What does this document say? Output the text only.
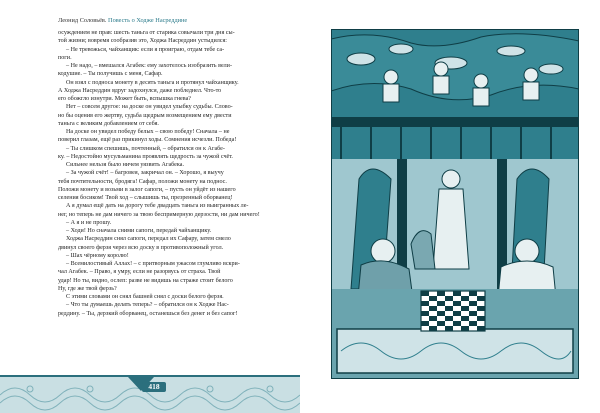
Леонид Соловьёв. Повесть о Ходже Насреддине
осуждением не прав: шесть таньга от старика совычали три дня сы-
той жизни; вовремя сообразив это, Ходжа Насреддин устыдился:
– Не тревожься, чайханщик: если я проиграю, отдам тебе са-
поги.
– Не надо, – вмешался Агабек: ему захотелось изобразить вели-
кодушие. – Ты получишь с меня, Сафар.
Он взял с подноса монету в десять таньга и протянул чайханщику.
А Ходжа Насреддин вдруг задохнулся, даже побледнел. Что-то
его обожгло изнутри. Может быть, вспышка гнева?
Нет – совсем другое: на доске он увидел улыбку судьбы. Слово-
но бы оценив его жертву, судьба щедрым возмещением ему двести
таньга с великим добавлением от себя.
На доске он увидел победу белых – свою победу! Сначала – не
поверил глазам, ещё раз прикинул ходы. Сомнения исчезли. Победа!
– Ты слишком спешишь, почтенный, – обратился он к Агабе-
ку. – Недостойно мусульманина проявлять щедрость за чужой счёт.
Сильнее нельзя было ничем уязвить Агабека.
– За чужой счёт! – багровея, закричал он. – Хорошо, я выучу
тебя почтительности, бродяга! Сафар, положи монету на поднос.
Положи монету и возьми в залог сапоги, – пусть он уйдёт из нашего
селения босиком! Твой ход – слышишь ты, презренный оборванец!
А я думал ещё дать на дорогу тебе двадцать таньга из выигранных ле-
нег, но теперь не дам ничего за твою беспримерную дерзости, ни дам ничего!
– А я и не прошу.
– Ходи! Но сначала сними сапоги, передай чайханщику.
Ходжа Насреддин снял сапоги, передал их Сафару, затем смело
двинул своего ферзя через всю доску в противоположный угол.
– Шах чёрному королю!
– Всемилостивый Аллах! – с притворным ужасом глумливо вскри-
чал Агабек. – Право, я умру, если не разорвусь от страха. Твой
удар! Но ты, видно, ослеп: разве не видишь на страже стоит белого
Ну, где же твой ферзь?
С этими словами он снял башней снял с доски белого ферзя.
– Что ты думаешь делать теперь? – обратился он к Ходже Нас-
реддину. – Ты, дерзкий оборванец, останешься без денег и без сапог!
418
